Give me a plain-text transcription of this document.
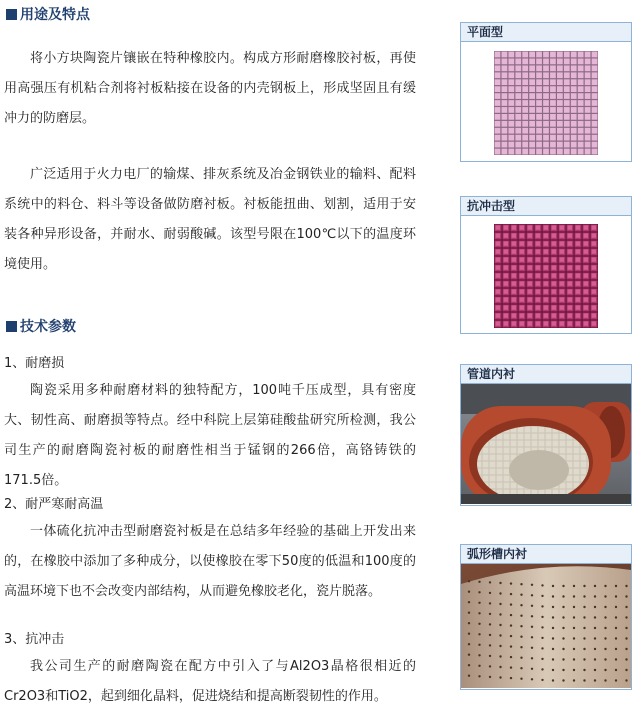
用途及特点

将小方块陶瓷片镶嵌在特种橡胶内。构成方形耐磨橡胶衬板，再使用高强压有机粘合剂将衬板粘接在设备的内壳钢板上，形成坚固且有缓冲力的防磨层。

广泛适用于火力电厂的输煤、排灰系统及冶金钢铁业的输料、配料系统中的料仓、料斗等设备做防磨衬板。衬板能扭曲、划割，适用于安装各种异形设备，并耐水、耐弱酸碱。该型号限在100℃以下的温度环境使用。

技术参数
1、耐磨损

陶瓷采用多种耐磨材料的独特配方，100吨千压成型，具有密度大、韧性高、耐磨损等特点。经中科院上层第硅酸盐研究所检测，我公司生产的耐磨陶瓷衬板的耐磨性相当于锰钢的266倍，高铬铸铁的171.5倍。

2、耐严寒耐高温

一体硫化抗冲击型耐磨瓷衬板是在总结多年经验的基础上开发出来的，在橡胶中添加了多种成分，以使橡胶在零下50度的低温和100度的高温环境下也不会改变内部结构，从而避免橡胶老化，瓷片脱落。

3、抗冲击

我公司生产的耐磨陶瓷在配方中引入了与Al2O3晶格很相近的Cr2O3和TiO2，起到细化晶料，促进烧结和提高断裂韧性的作用。

平面型
抗冲击型
管道内衬
弧形槽内衬
